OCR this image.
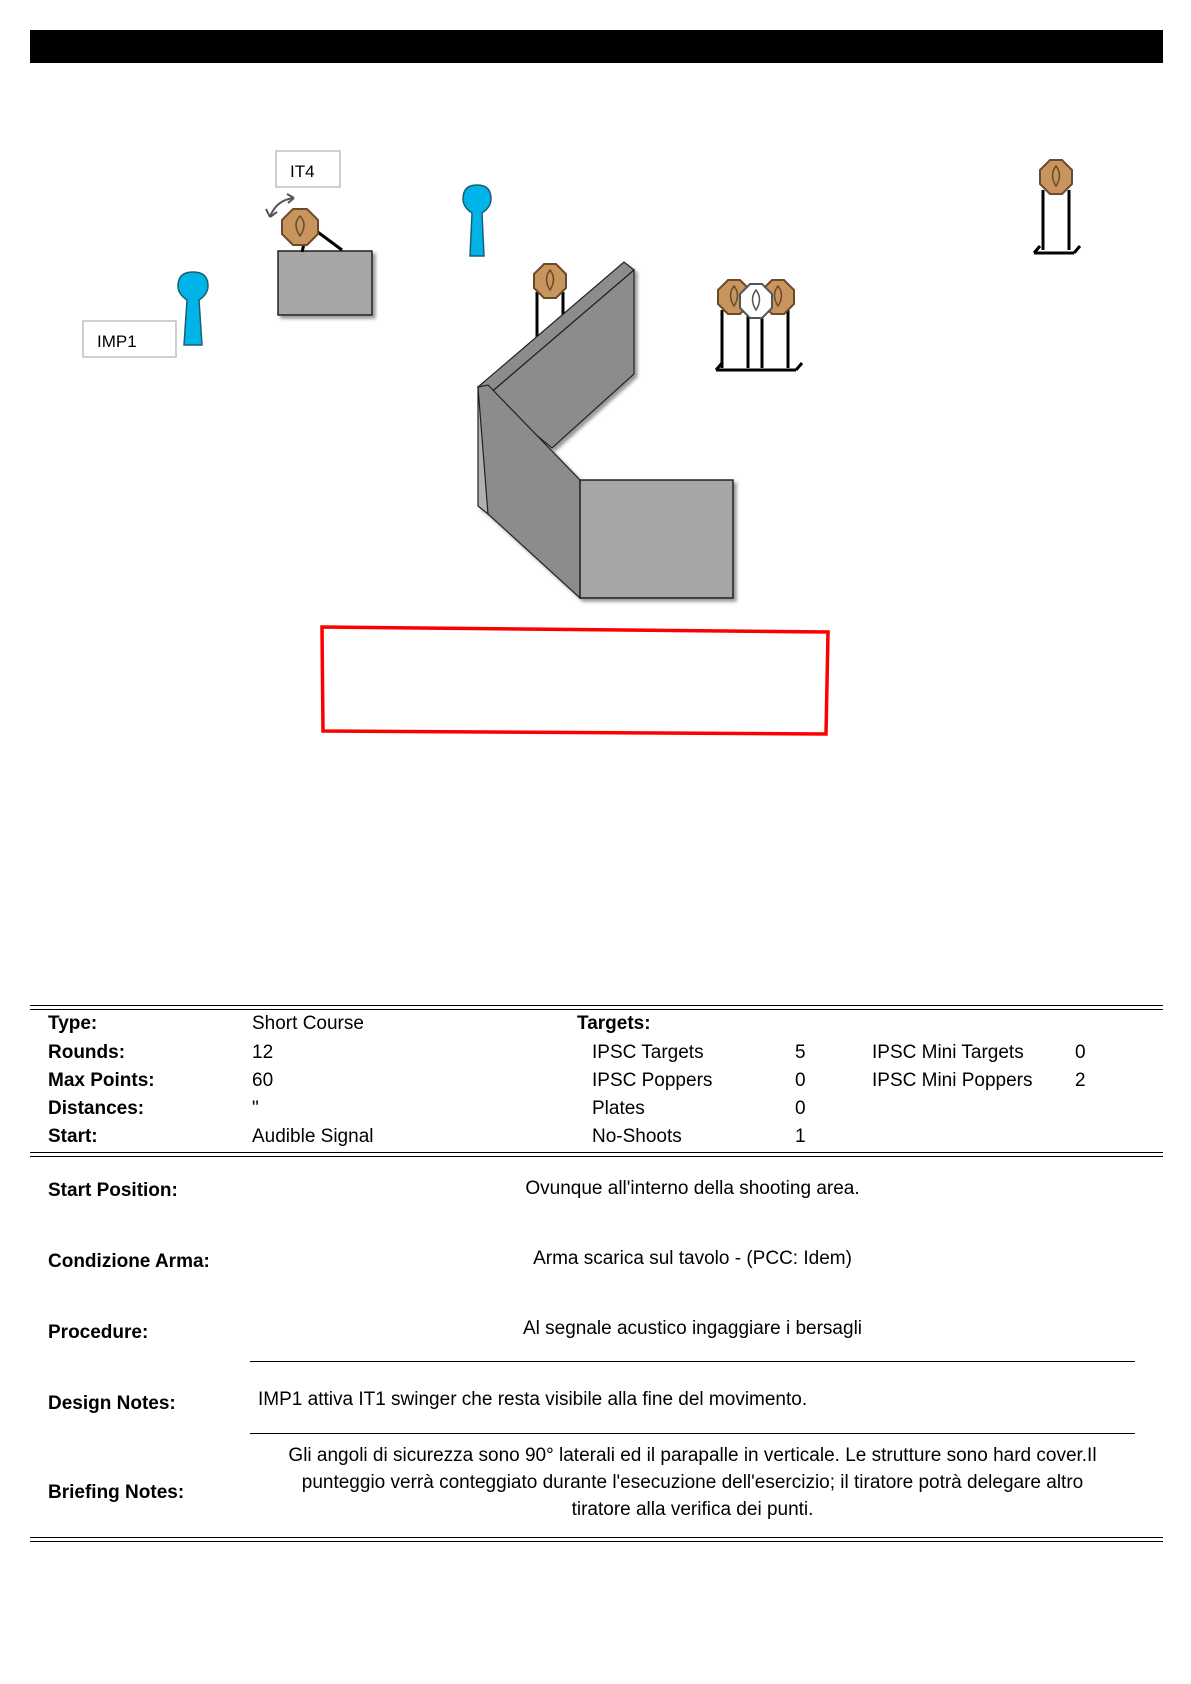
IT4
IMP1
Type:	Short Course	Targets:
Rounds:	12	IPSC Targets	5	IPSC Mini Targets	0
Max Points:	60	IPSC Poppers	0	IPSC Mini Poppers 2
Distances:	"	Plates	0
Start:	Audible Signal	No-Shoots	1
Start Position:	Ovunque all'interno della shooting area.
Condizione Arma:	Arma scarica sul tavolo - (PCC: Idem)
Procedure:	Al segnale acustico ingaggiare i bersagli
Design Notes:	IMP1 attiva IT1 swinger che resta visibile alla fine del movimento.
Briefing Notes:
Gli angoli di sicurezza sono 90° laterali ed il parapalle in verticale. Le strutture sono hard cover.Il
punteggio verrà conteggiato durante l'esecuzione dell'esercizio; il tiratore potrà delegare altro
tiratore alla verifica dei punti.
